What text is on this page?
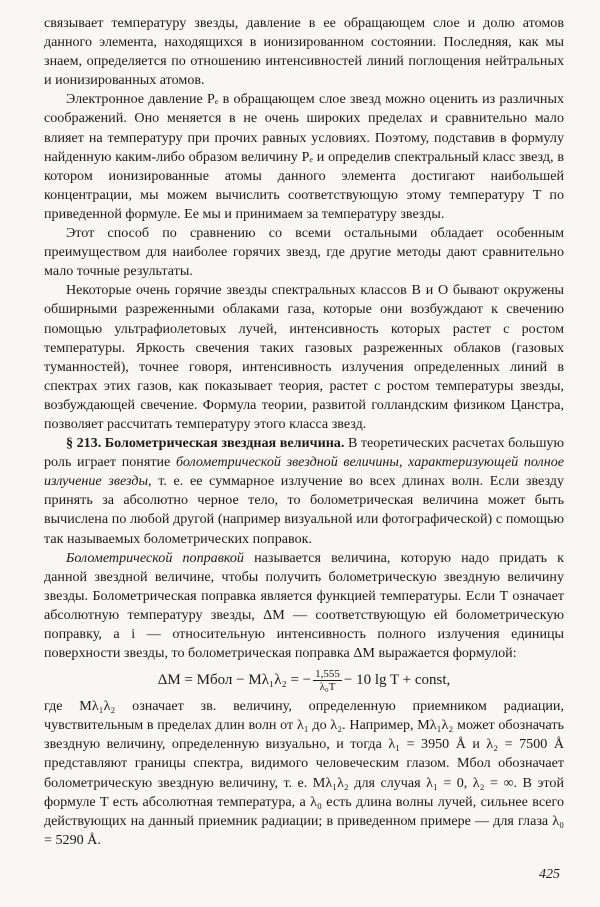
связывает температуру звезды, давление в ее обращающем слое и долю атомов данного элемента, находящихся в ионизированном состоянии. Последняя, как мы знаем, определяется по отношению интенсивностей линий поглощения нейтральных и ионизированных атомов.

Электронное давление Pₑ в обращающем слое звезд можно оценить из различных соображений. Оно меняется в не очень широких пределах и сравнительно мало влияет на температуру при прочих равных условиях. Поэтому, подставив в формулу найденную каким-либо образом величину Pₑ и определив спектральный класс звезд, в котором ионизированные атомы данного элемента достигают наибольшей концентрации, мы можем вычислить соответствующую этому температуру T по приведенной формуле. Ее мы и принимаем за температуру звезды.

Этот способ по сравнению со всеми остальными обладает особенным преимуществом для наиболее горячих звезд, где другие методы дают сравнительно мало точные результаты.

Некоторые очень горячие звезды спектральных классов B и O бывают окружены обширными разреженными облаками газа, которые они возбуждают к свечению помощью ультрафиолетовых лучей, интенсивность которых растет с ростом температуры. Яркость свечения таких газовых разреженных облаков (газовых туманностей), точнее говоря, интенсивность излучения определенных линий в спектрах этих газов, как показывает теория, растет с ростом температуры звезды, возбуждающей свечение. Формула теории, развитой голландским физиком Цанстра, позволяет рассчитать температуру этого класса звезд.

§ 213. Болометрическая звездная величина. В теоретических расчетах большую роль играет понятие болометрической звездной величины, характеризующей полное излучение звезды, т. е. ее суммарное излучение во всех длинах волн. Если звезду принять за абсолютно черное тело, то болометрическая величина может быть вычислена по любой другой (например визуальной или фотографической) с помощью так называемых болометрических поправок.

Болометрической поправкой называется величина, которую надо придать к данной звездной величине, чтобы получить болометрическую звездную величину звезды. Болометрическая поправка является функцией температуры. Если T означает абсолютную температуру звезды, ΔM — соответствующую ей болометрическую поправку, а i — относительную интенсивность полного излучения единицы поверхности звезды, то болометрическая поправка ΔM выражается формулой:

ΔM = Mбол − Mλ₁λ₂ = − $\frac{1,555}{\text{λ₀T}} - 10$ lg T + const,

где Mλ₁λ₂ означает зв. величину, определенную приемником радиации, чувствительным в пределах длин волн от λ₁ до λ₂. Например, Mλ₁λ₂ может обозначать звездную величину, определенную визуально, и тогда λ₁ = 3950 Å и λ₂ = 7500 Å представляют границы спектра, видимого человеческим глазом. Mбол обозначает болометрическую звездную величину, т. е. Mλ₁λ₂ для случая λ₁ = 0, λ₂ = ∞. В этой формуле T есть абсолютная температура, а λ₀ есть длина волны лучей, сильнее всего действующих на данный приемник радиации; в приведенном примере — для глаза λ₀ = 5290 Å.

425
